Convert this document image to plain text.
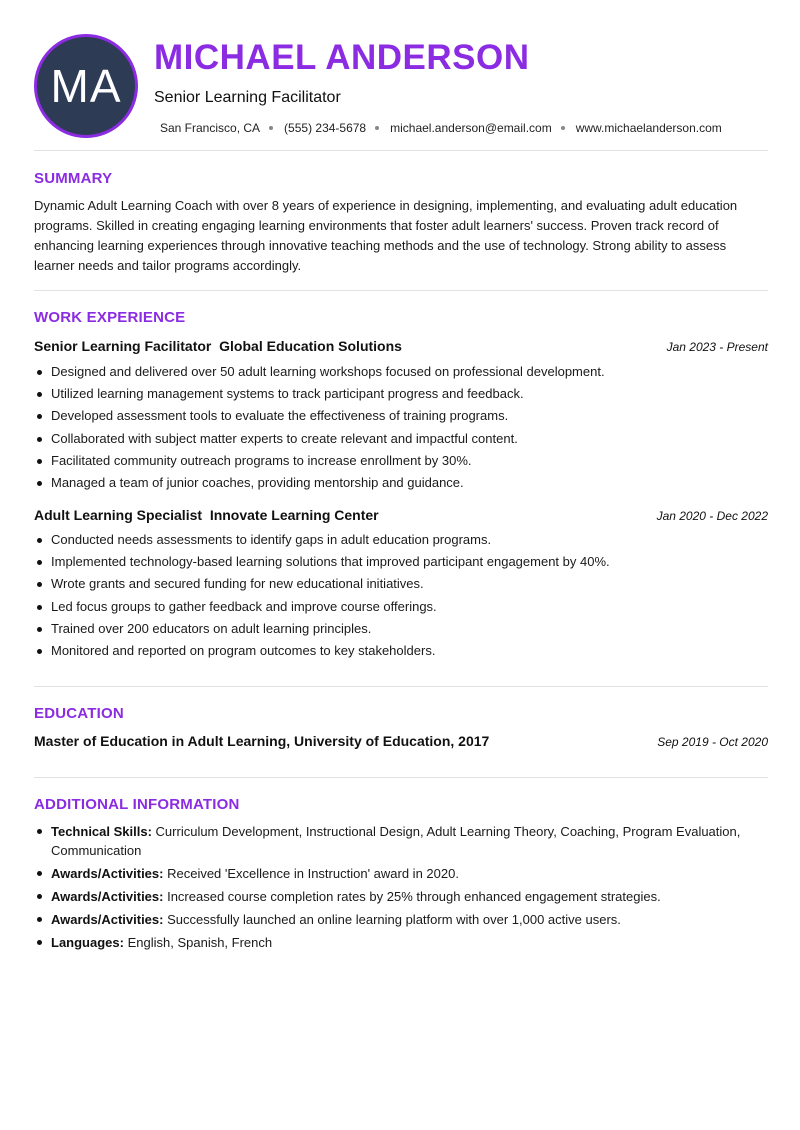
MA
MICHAEL ANDERSON
Senior Learning Facilitator
San Francisco, CA (555) 234-5678 michael.anderson@email.com www.michaelanderson.com
SUMMARY
Dynamic Adult Learning Coach with over 8 years of experience in designing, implementing, and evaluating adult education programs. Skilled in creating engaging learning environments that foster adult learners' success. Proven track record of enhancing learning experiences through innovative teaching methods and the use of technology. Strong ability to assess learner needs and tailor programs accordingly.
WORK EXPERIENCE
Senior Learning Facilitator Global Education Solutions	Jan 2023 - Present
Designed and delivered over 50 adult learning workshops focused on professional development.
Utilized learning management systems to track participant progress and feedback.
Developed assessment tools to evaluate the effectiveness of training programs.
Collaborated with subject matter experts to create relevant and impactful content.
Facilitated community outreach programs to increase enrollment by 30%.
Managed a team of junior coaches, providing mentorship and guidance.
Adult Learning Specialist Innovate Learning Center	Jan 2020 - Dec 2022
Conducted needs assessments to identify gaps in adult education programs.
Implemented technology-based learning solutions that improved participant engagement by 40%.
Wrote grants and secured funding for new educational initiatives.
Led focus groups to gather feedback and improve course offerings.
Trained over 200 educators on adult learning principles.
Monitored and reported on program outcomes to key stakeholders.
EDUCATION
Master of Education in Adult Learning, University of Education, 2017	Sep 2019 - Oct 2020
ADDITIONAL INFORMATION
Technical Skills: Curriculum Development, Instructional Design, Adult Learning Theory, Coaching, Program Evaluation, Communication
Awards/Activities: Received 'Excellence in Instruction' award in 2020.
Awards/Activities: Increased course completion rates by 25% through enhanced engagement strategies.
Awards/Activities: Successfully launched an online learning platform with over 1,000 active users.
Languages: English, Spanish, French
